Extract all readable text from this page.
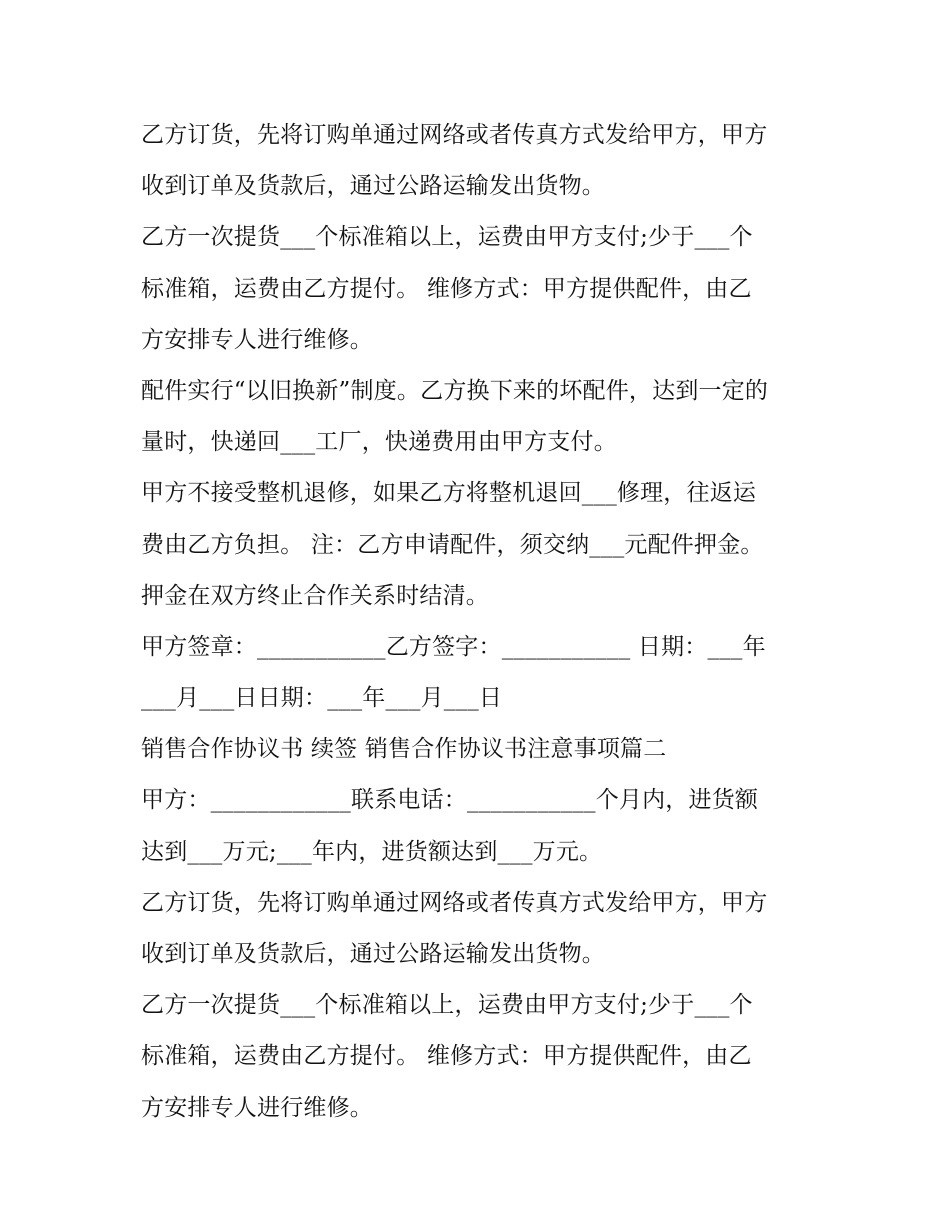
乙方订货，先将订购单通过网络或者传真方式发给甲方，甲方
收到订单及货款后，通过公路运输发出货物。
乙方一次提货___个标准箱以上，运费由甲方支付;少于___个
标准箱，运费由乙方提付。 维修方式：甲方提供配件，由乙
方安排专人进行维修。
配件实行“以旧换新”制度。乙方换下来的坏配件，达到一定的
量时，快递回___工厂，快递费用由甲方支付。
甲方不接受整机退修，如果乙方将整机退回___修理，往返运
费由乙方负担。 注：乙方申请配件，须交纳___元配件押金。
押金在双方终止合作关系时结清。
甲方签章：___________乙方签字：___________ 日期：___年
___月___日日期：___年___月___日
销售合作协议书 续签 销售合作协议书注意事项篇二
甲方：____________联系电话：___________个月内，进货额
达到___万元;___年内，进货额达到___万元。
乙方订货，先将订购单通过网络或者传真方式发给甲方，甲方
收到订单及货款后，通过公路运输发出货物。
乙方一次提货___个标准箱以上，运费由甲方支付;少于___个
标准箱，运费由乙方提付。 维修方式：甲方提供配件，由乙
方安排专人进行维修。
